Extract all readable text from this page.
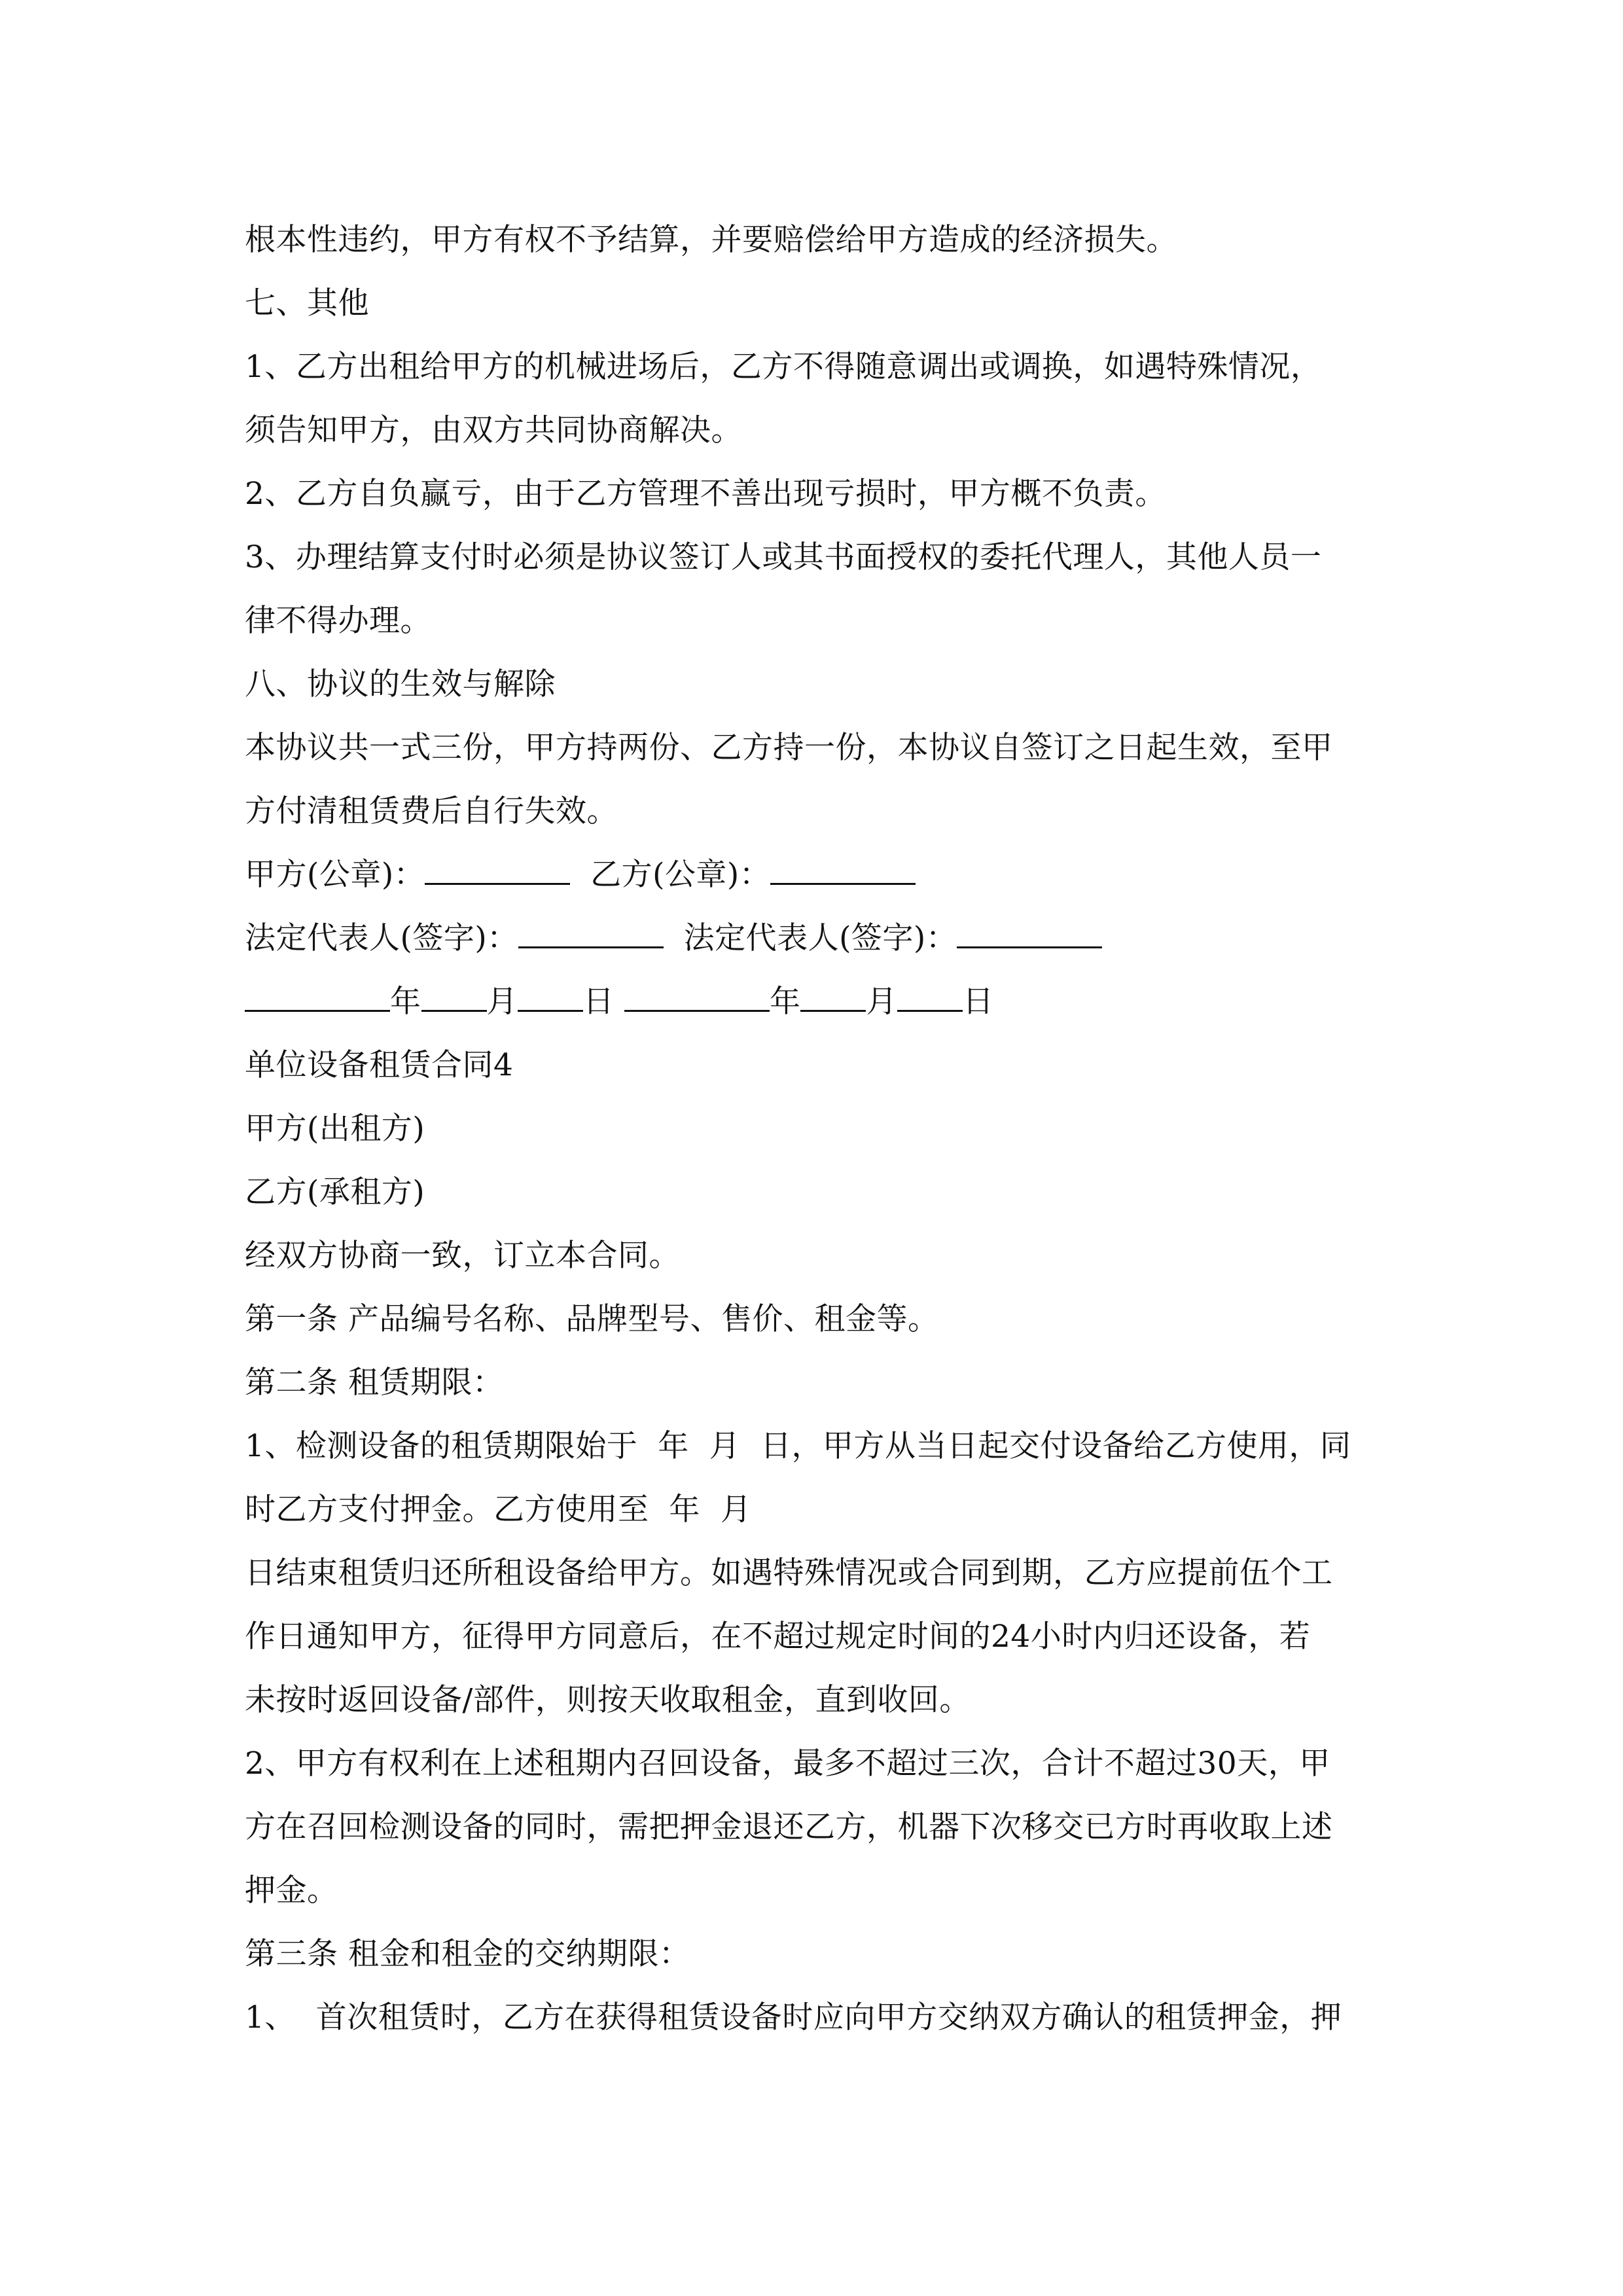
根本性违约，甲方有权不予结算，并要赔偿给甲方造成的经济损失。
七、其他
1、乙方出租给甲方的机械进场后，乙方不得随意调出或调换，如遇特殊情况，
须告知甲方，由双方共同协商解决。
2、乙方自负赢亏，由于乙方管理不善出现亏损时，甲方概不负责。
3、办理结算支付时必须是协议签订人或其书面授权的委托代理人，其他人员一
律不得办理。
八、协议的生效与解除
本协议共一式三份，甲方持两份、乙方持一份，本协议自签订之日起生效，至甲
方付清租赁费后自行失效。
甲方(公章)：	乙方(公章)：
法定代表人(签字)：	法定代表人(签字)：
年 月 日	年 月 日
单位设备租赁合同4
甲方(出租方)
乙方(承租方)
经双方协商一致，订立本合同。
第一条 产品编号名称、品牌型号、售价、租金等。
第二条 租赁期限：
1、检测设备的租赁期限始于  年  月  日，甲方从当日起交付设备给乙方使用，同
时乙方支付押金。乙方使用至  年  月
日结束租赁归还所租设备给甲方。如遇特殊情况或合同到期，乙方应提前伍个工
作日通知甲方，征得甲方同意后，在不超过规定时间的24小时内归还设备，若
未按时返回设备/部件，则按天收取租金，直到收回。
2、甲方有权利在上述租期内召回设备，最多不超过三次，合计不超过30天，甲
方在召回检测设备的同时，需把押金退还乙方，机器下次移交已方时再收取上述
押金。
第三条 租金和租金的交纳期限：
1、  首次租赁时，乙方在获得租赁设备时应向甲方交纳双方确认的租赁押金，押
